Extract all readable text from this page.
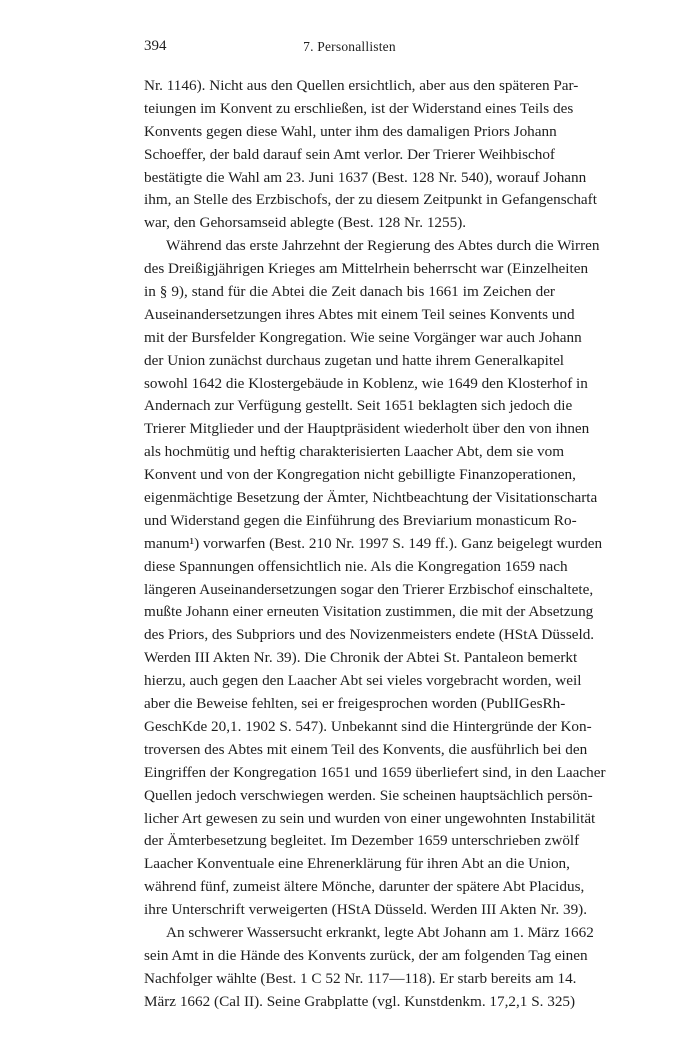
394	7. Personallisten
Nr. 1146). Nicht aus den Quellen ersichtlich, aber aus den späteren Par-
teiungen im Konvent zu erschließen, ist der Widerstand eines Teils des
Konvents gegen diese Wahl, unter ihm des damaligen Priors Johann
Schoeffer, der bald darauf sein Amt verlor. Der Trierer Weihbischof
bestätigte die Wahl am 23. Juni 1637 (Best. 128 Nr. 540), worauf Johann
ihm, an Stelle des Erzbischofs, der zu diesem Zeitpunkt in Gefangenschaft
war, den Gehorsamseid ablegte (Best. 128 Nr. 1255).
Während das erste Jahrzehnt der Regierung des Abtes durch die Wirren
des Dreißigjährigen Krieges am Mittelrhein beherrscht war (Einzelheiten
in § 9), stand für die Abtei die Zeit danach bis 1661 im Zeichen der
Auseinandersetzungen ihres Abtes mit einem Teil seines Konvents und
mit der Bursfelder Kongregation. Wie seine Vorgänger war auch Johann
der Union zunächst durchaus zugetan und hatte ihrem Generalkapitel
sowohl 1642 die Klostergebäude in Koblenz, wie 1649 den Klosterhof in
Andernach zur Verfügung gestellt. Seit 1651 beklagten sich jedoch die
Trierer Mitglieder und der Hauptpräsident wiederholt über den von ihnen
als hochmütig und heftig charakterisierten Laacher Abt, dem sie vom
Konvent und von der Kongregation nicht gebilligte Finanzoperationen,
eigenmächtige Besetzung der Ämter, Nichtbeachtung der Visitationscharta
und Widerstand gegen die Einführung des Breviarium monasticum Ro-
manum¹) vorwarfen (Best. 210 Nr. 1997 S. 149 ff.). Ganz beigelegt wurden
diese Spannungen offensichtlich nie. Als die Kongregation 1659 nach
längeren Auseinandersetzungen sogar den Trierer Erzbischof einschaltete,
mußte Johann einer erneuten Visitation zustimmen, die mit der Absetzung
des Priors, des Subpriors und des Novizenmeisters endete (HStA Düsseld.
Werden III Akten Nr. 39). Die Chronik der Abtei St. Pantaleon bemerkt
hierzu, auch gegen den Laacher Abt sei vieles vorgebracht worden, weil
aber die Beweise fehlten, sei er freigesprochen worden (PublIGesRh-
GeschKde 20,1. 1902 S. 547). Unbekannt sind die Hintergründe der Kon-
troversen des Abtes mit einem Teil des Konvents, die ausführlich bei den
Eingriffen der Kongregation 1651 und 1659 überliefert sind, in den Laacher
Quellen jedoch verschwiegen werden. Sie scheinen hauptsächlich persön-
licher Art gewesen zu sein und wurden von einer ungewohnten Instabilität
der Ämterbesetzung begleitet. Im Dezember 1659 unterschrieben zwölf
Laacher Konventuale eine Ehrenerklärung für ihren Abt an die Union,
während fünf, zumeist ältere Mönche, darunter der spätere Abt Placidus,
ihre Unterschrift verweigerten (HStA Düsseld. Werden III Akten Nr. 39).
An schwerer Wassersucht erkrankt, legte Abt Johann am 1. März 1662
sein Amt in die Hände des Konvents zurück, der am folgenden Tag einen
Nachfolger wählte (Best. 1 C 52 Nr. 117—118). Er starb bereits am 14.
März 1662 (Cal II). Seine Grabplatte (vgl. Kunstdenkm. 17,2,1 S. 325)
